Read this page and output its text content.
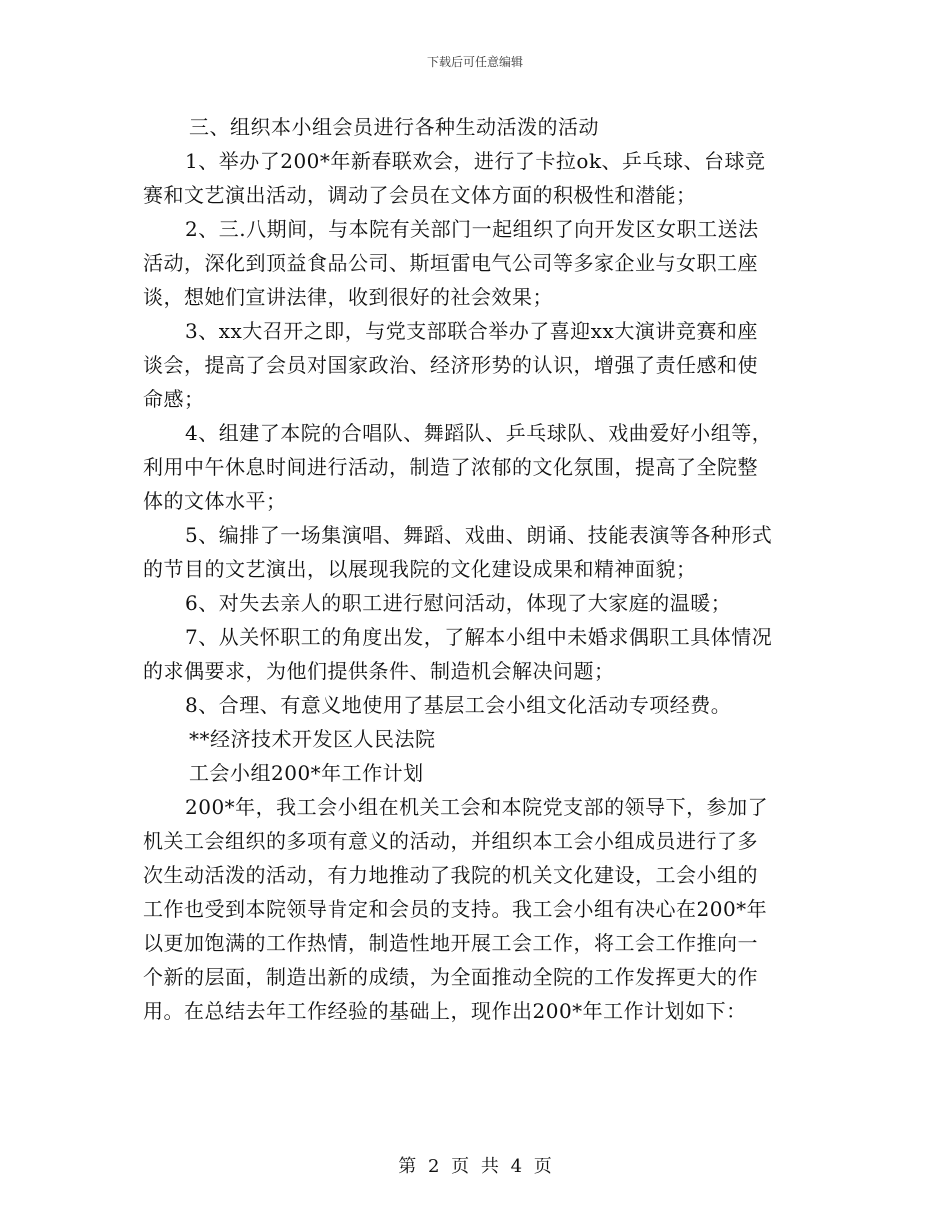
下载后可任意编辑
三、组织本小组会员进行各种生动活泼的活动
1、举办了200*年新春联欢会，进行了卡拉ok、乒乓球、台球竞
赛和文艺演出活动，调动了会员在文体方面的积极性和潜能；
2、三.八期间，与本院有关部门一起组织了向开发区女职工送法
活动，深化到顶益食品公司、斯垣雷电气公司等多家企业与女职工座
谈，想她们宣讲法律，收到很好的社会效果；
3、xx大召开之即，与党支部联合举办了喜迎xx大演讲竞赛和座
谈会，提高了会员对国家政治、经济形势的认识，增强了责任感和使
命感；
4、组建了本院的合唱队、舞蹈队、乒乓球队、戏曲爱好小组等，
利用中午休息时间进行活动，制造了浓郁的文化氛围，提高了全院整
体的文体水平；
5、编排了一场集演唱、舞蹈、戏曲、朗诵、技能表演等各种形式
的节目的文艺演出，以展现我院的文化建设成果和精神面貌；
6、对失去亲人的职工进行慰问活动，体现了大家庭的温暖；
7、从关怀职工的角度出发，了解本小组中未婚求偶职工具体情况
的求偶要求，为他们提供条件、制造机会解决问题；
8、合理、有意义地使用了基层工会小组文化活动专项经费。
**经济技术开发区人民法院
工会小组200*年工作计划
200*年，我工会小组在机关工会和本院党支部的领导下，参加了
机关工会组织的多项有意义的活动，并组织本工会小组成员进行了多
次生动活泼的活动，有力地推动了我院的机关文化建设，工会小组的
工作也受到本院领导肯定和会员的支持。我工会小组有决心在200*年
以更加饱满的工作热情，制造性地开展工会工作，将工会工作推向一
个新的层面，制造出新的成绩，为全面推动全院的工作发挥更大的作
用。在总结去年工作经验的基础上，现作出200*年工作计划如下：
第 2 页 共 4 页
